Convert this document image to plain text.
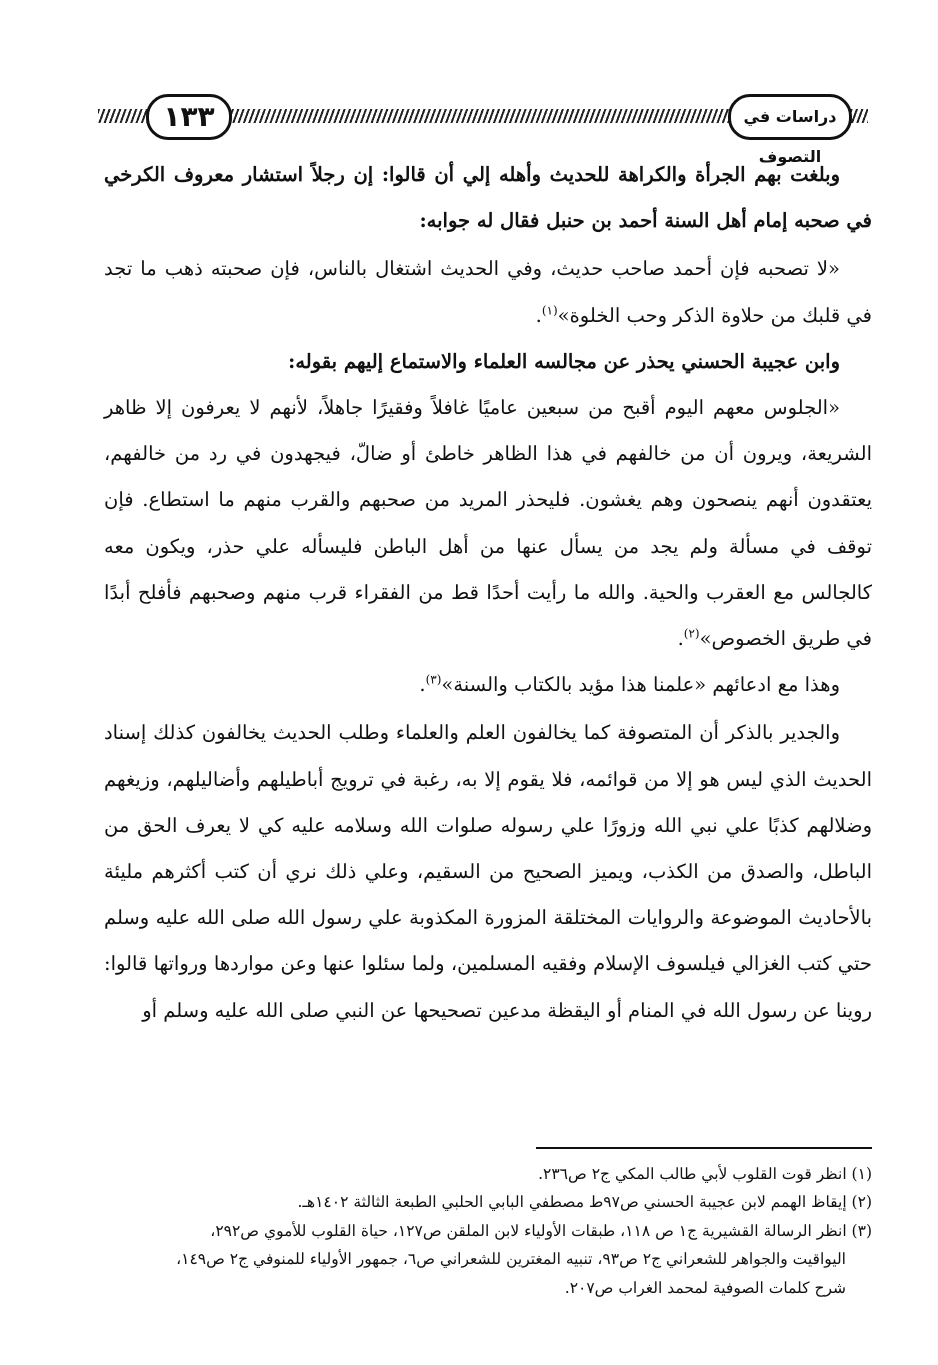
١٣٣	دراسات في التصوف

وبلغت بهم الجرأة والكراهة للحديث وأهله إلي أن قالوا: إن رجلاً استشار معروف الكرخي في صحبه إمام أهل السنة أحمد بن حنبل فقال له جوابه:

«لا تصحبه فإن أحمد صاحب حديث، وفي الحديث اشتغال بالناس، فإن صحبته ذهب ما تجد في قلبك من حلاوة الذكر وحب الخلوة»$^{(١)}$.

وابن عجيبة الحسني يحذر عن مجالسه العلماء والاستماع إليهم بقوله:

«الجلوس معهم اليوم أقبح من سبعين عاميًا غافلاً وفقيرًا جاهلاً، لأنهم لا يعرفون إلا ظاهر الشريعة، ويرون أن من خالفهم في هذا الظاهر خاطئ أو ضالّ، فيجهدون في رد من خالفهم، يعتقدون أنهم ينصحون وهم يغشون. فليحذر المريد من صحبهم والقرب منهم ما استطاع. فإن توقف في مسألة ولم يجد من يسأل عنها من أهل الباطن فليسأله علي حذر، ويكون معه كالجالس مع العقرب والحية. والله ما رأيت أحدًا قط من الفقراء قرب منهم وصحبهم فأفلح أبدًا في طريق الخصوص»$^{(٢)}$.

وهذا مع ادعائهم «علمنا هذا مؤيد بالكتاب والسنة»$^{(٣)}$.

والجدير بالذكر أن المتصوفة كما يخالفون العلم والعلماء وطلب الحديث يخالفون كذلك إسناد الحديث الذي ليس هو إلا من قوائمه، فلا يقوم إلا به، رغبة في ترويج أباطيلهم وأضاليلهم، وزيغهم وضلالهم كذبًا علي نبي الله وزورًا علي رسوله صلوات الله وسلامه عليه كي لا يعرف الحق من الباطل، والصدق من الكذب، ويميز الصحيح من السقيم، وعلي ذلك نري أن كتب أكثرهم مليئة بالأحاديث الموضوعة والروايات المختلقة المزورة المكذوبة علي رسول الله صلى الله عليه وسلم حتي كتب الغزالي فيلسوف الإسلام وفقيه المسلمين، ولما سئلوا عنها وعن مواردها ورواتها قالوا: روينا عن رسول الله في المنام أو اليقظة مدعين تصحيحها عن النبي صلى الله عليه وسلم أو

(١) انظر قوت القلوب لأبي طالب المكي ج٢ ص٢٣٦.

(٢) إيقاظ الهمم لابن عجيبة الحسني ص٩٧ط مصطفي البابي الحلبي الطبعة الثالثة ١٤٠٢هـ.

(٣) انظر الرسالة القشيرية ج١ ص ١١٨، طبقات الأولياء لابن الملقن ص١٢٧، حياة القلوب للأموي ص٢٩٢،

اليواقيت والجواهر للشعراني ج٢ ص٩٣، تنبيه المغترين للشعراني ص٦، جمهور الأولياء للمنوفي ج٢ ص١٤٩،

شرح كلمات الصوفية لمحمد الغراب ص٢٠٧.
